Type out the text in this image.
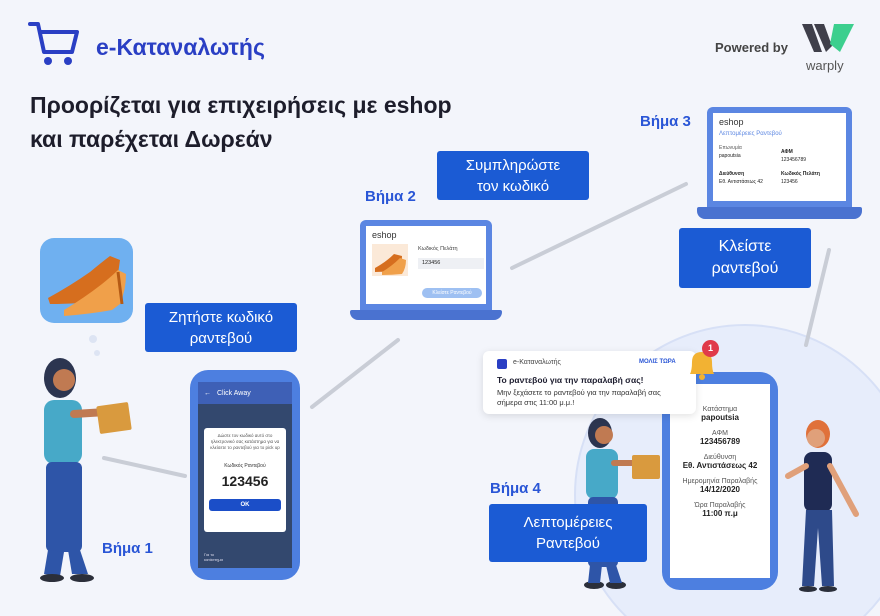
e-Καταναλωτής
Προορίζεται για επιχειρήσεις με eshop
και παρέχεται Δωρεάν
Powered by
warply
Ζητήστε κωδικό ραντεβού
Βήμα 1
← Click Away
Δώστε τον κωδικό αυτό στο ηλεκτρονικό σας κατάστημα για να κλείσετε το ραντεβού για το pick up
Κωδικός Ραντεβού
123456
ΟΚ
Για το κατάστημα
Βήμα 2
Συμπληρώστε
τον κωδικό
eshop
Κωδικός Πελάτη
123456
Κλείστε Ραντεβού
Βήμα 3	eshop
Λεπτομέρειες Ραντεβού
Επωνυμία
papoutsia
ΑΦΜ
123456789
Διεύθυνση
Εθ. Αντιστάσεως 42
Κωδικός Πελάτη
123456
Κλείστε
ραντεβού
Κατάστημα
papoutsia
ΑΦΜ
123456789
Διεύθυνση
Εθ. Αντιστάσεως 42
Ημερομηνία Παραλαβής
14/12/2020
Ώρα Παραλαβής
11:00 π.μ
e-Καταναλωτής	ΜΟΛΙΣ ΤΩΡΑ
Το ραντεβού για την παραλαβή σας!
Μην ξεχάσετε το ραντεβού για την παραλαβή σας
σήμερα στις 11:00 μ.μ.!
1
Βήμα 4
Λεπτομέρειες
Ραντεβού
